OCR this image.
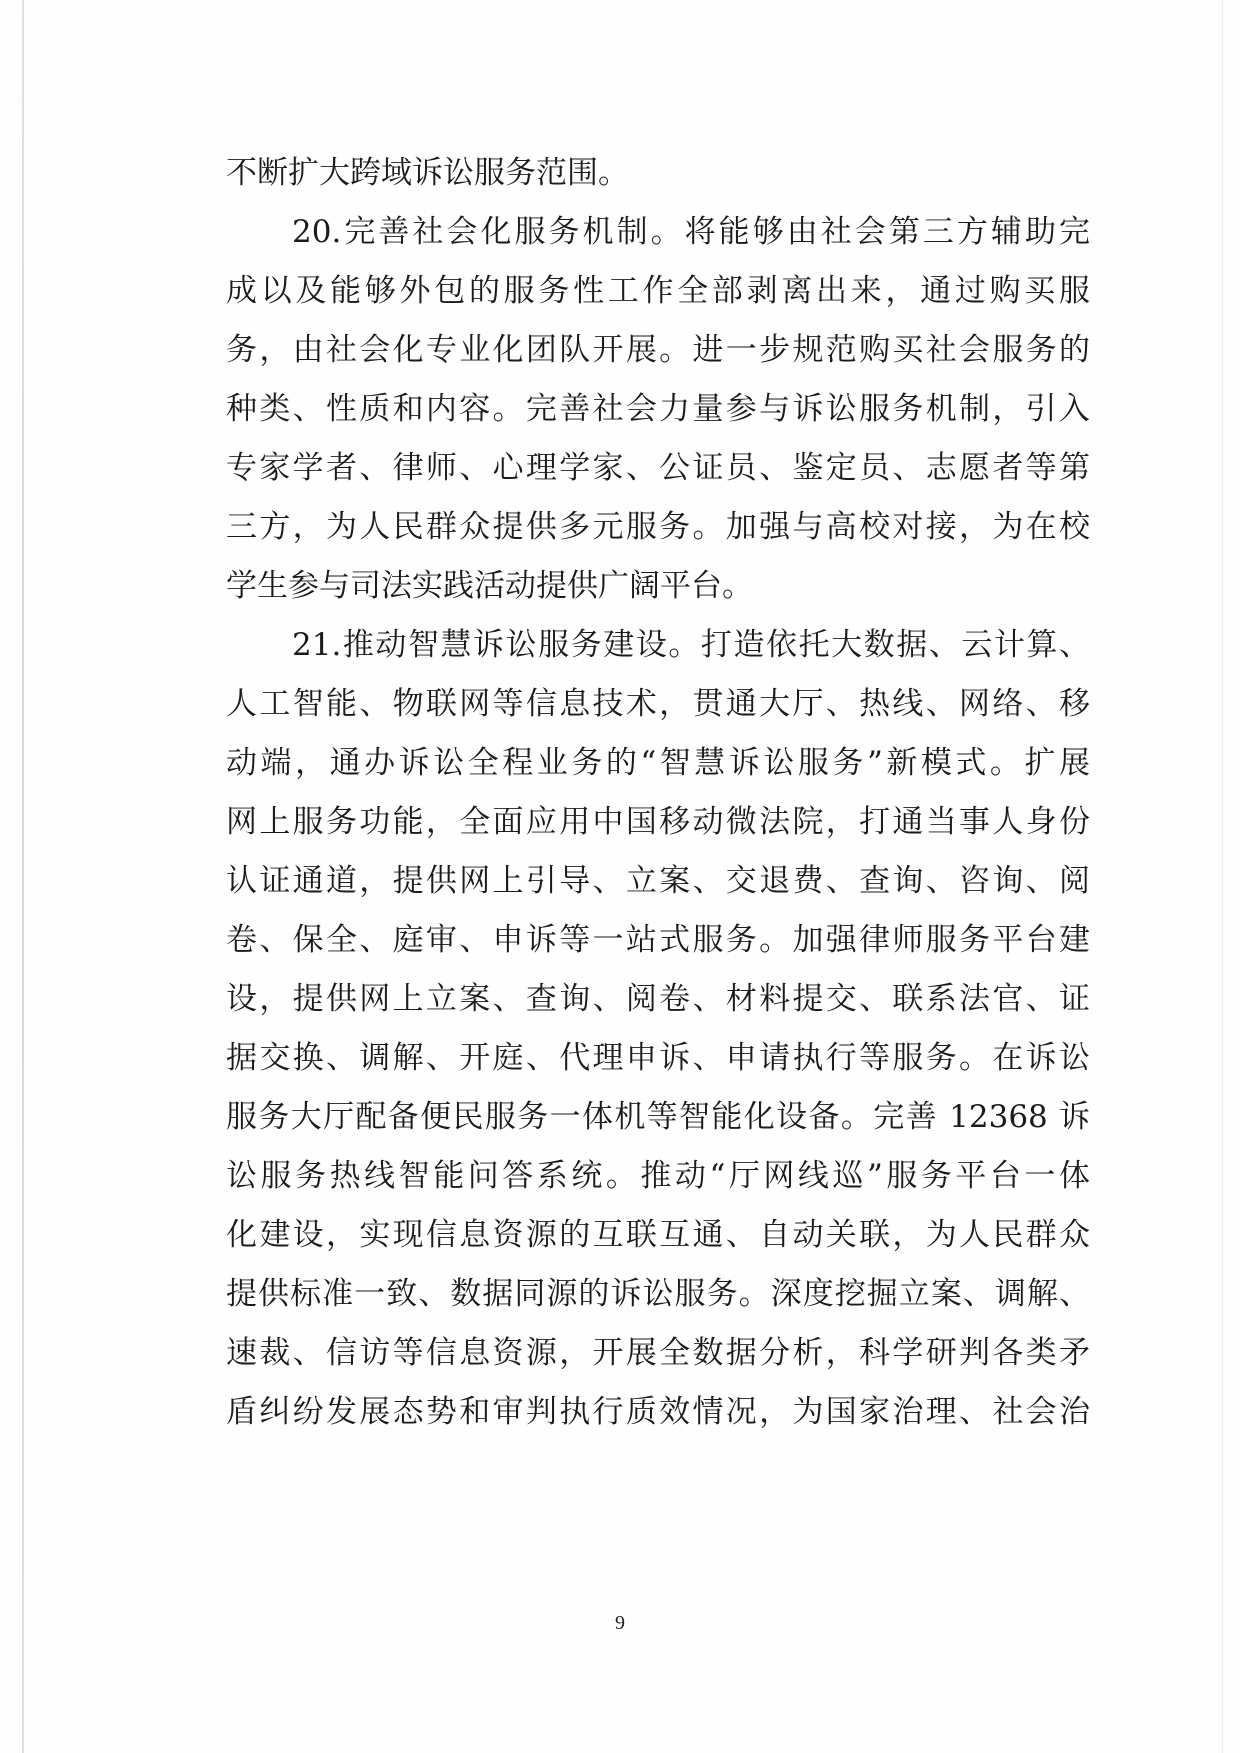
不断扩大跨域诉讼服务范围。
20.完善社会化服务机制。将能够由社会第三方辅助完
成以及能够外包的服务性工作全部剥离出来，通过购买服
务，由社会化专业化团队开展。进一步规范购买社会服务的
种类、性质和内容。完善社会力量参与诉讼服务机制，引入
专家学者、律师、心理学家、公证员、鉴定员、志愿者等第
三方，为人民群众提供多元服务。加强与高校对接，为在校
学生参与司法实践活动提供广阔平台。
21.推动智慧诉讼服务建设。打造依托大数据、云计算、
人工智能、物联网等信息技术，贯通大厅、热线、网络、移
动端，通办诉讼全程业务的“智慧诉讼服务”新模式。扩展
网上服务功能，全面应用中国移动微法院，打通当事人身份
认证通道，提供网上引导、立案、交退费、查询、咨询、阅
卷、保全、庭审、申诉等一站式服务。加强律师服务平台建
设，提供网上立案、查询、阅卷、材料提交、联系法官、证
据交换、调解、开庭、代理申诉、申请执行等服务。在诉讼
服务大厅配备便民服务一体机等智能化设备。完善 12368 诉
讼服务热线智能问答系统。推动“厅网线巡”服务平台一体
化建设，实现信息资源的互联互通、自动关联，为人民群众
提供标准一致、数据同源的诉讼服务。深度挖掘立案、调解、
速裁、信访等信息资源，开展全数据分析，科学研判各类矛
盾纠纷发展态势和审判执行质效情况，为国家治理、社会治
9
